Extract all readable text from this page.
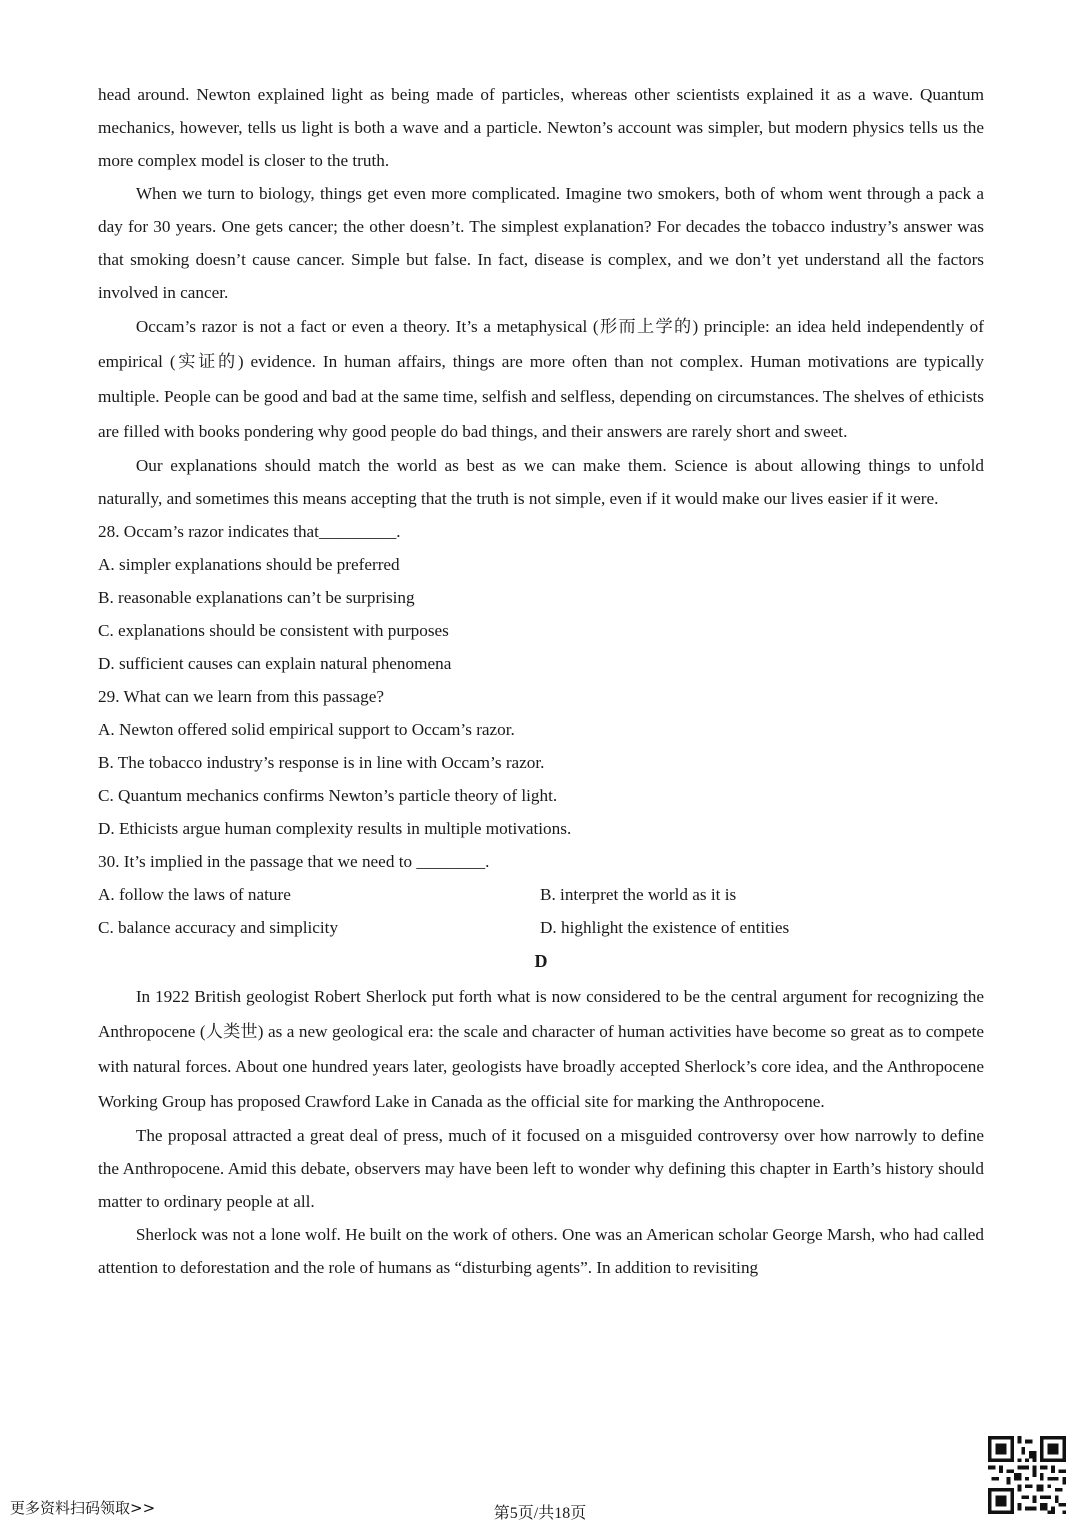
head around. Newton explained light as being made of particles, whereas other scientists explained it as a wave. Quantum mechanics, however, tells us light is both a wave and a particle. Newton’s account was simpler, but modern physics tells us the more complex model is closer to the truth.

When we turn to biology, things get even more complicated. Imagine two smokers, both of whom went through a pack a day for 30 years. One gets cancer; the other doesn’t. The simplest explanation? For decades the tobacco industry’s answer was that smoking doesn’t cause cancer. Simple but false. In fact, disease is complex, and we don’t yet understand all the factors involved in cancer.

Occam’s razor is not a fact or even a theory. It’s a metaphysical (形而上学的) principle: an idea held independently of empirical (实证的) evidence. In human affairs, things are more often than not complex. Human motivations are typically multiple. People can be good and bad at the same time, selfish and selfless, depending on circumstances. The shelves of ethicists are filled with books pondering why good people do bad things, and their answers are rarely short and sweet.

Our explanations should match the world as best as we can make them. Science is about allowing things to unfold naturally, and sometimes this means accepting that the truth is not simple, even if it would make our lives easier if it were.

28. Occam’s razor indicates that_________.
A. simpler explanations should be preferred
B. reasonable explanations can’t be surprising
C. explanations should be consistent with purposes
D. sufficient causes can explain natural phenomena
29. What can we learn from this passage?
A. Newton offered solid empirical support to Occam’s razor.
B. The tobacco industry’s response is in line with Occam’s razor.
C. Quantum mechanics confirms Newton’s particle theory of light.
D. Ethicists argue human complexity results in multiple motivations.
30. It’s implied in the passage that we need to ________.
A. follow the laws of nature	B. interpret the world as it is
C. balance accuracy and simplicity	D. highlight the existence of entities
D

In 1922 British geologist Robert Sherlock put forth what is now considered to be the central argument for recognizing the Anthropocene (人类世) as a new geological era: the scale and character of human activities have become so great as to compete with natural forces. About one hundred years later, geologists have broadly accepted Sherlock’s core idea, and the Anthropocene Working Group has proposed Crawford Lake in Canada as the official site for marking the Anthropocene.

The proposal attracted a great deal of press, much of it focused on a misguided controversy over how narrowly to define the Anthropocene. Amid this debate, observers may have been left to wonder why defining this chapter in Earth’s history should matter to ordinary people at all.

Sherlock was not a lone wolf. He built on the work of others. One was an American scholar George Marsh, who had called attention to deforestation and the role of humans as “disturbing agents”. In addition to revisiting

更多资料扫码领取>>	第5页/共18页
